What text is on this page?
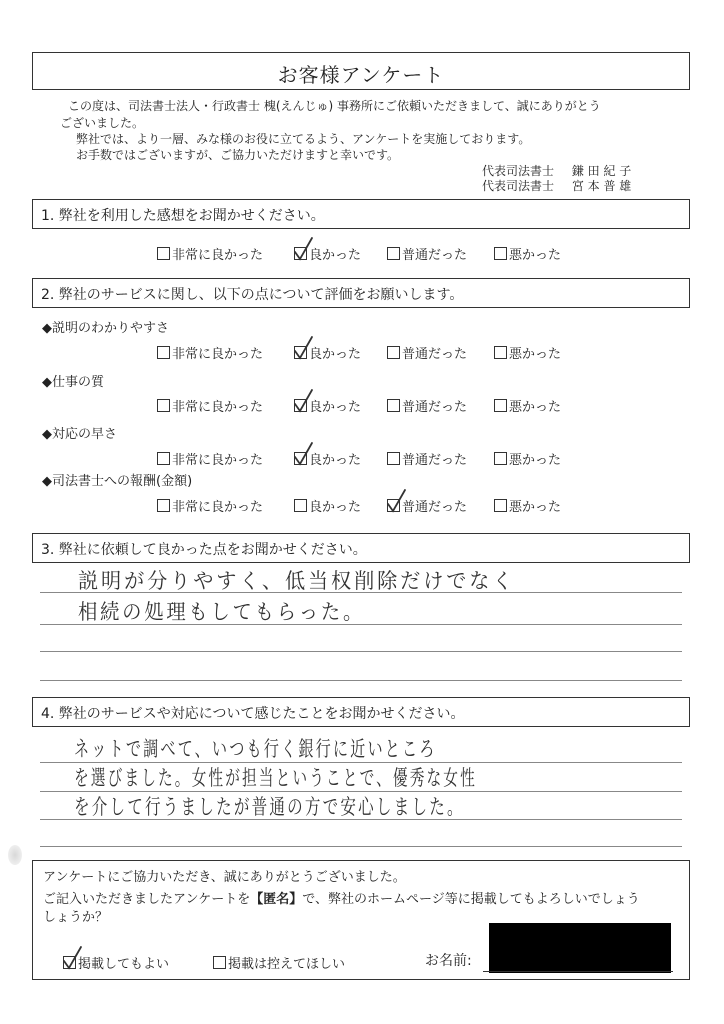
お客様アンケート
この度は、司法書士法人・行政書士 槐(えんじゅ) 事務所にご依頼いただきまして、誠にありがとう
ございました。
弊社では、より一層、みな様のお役に立てるよう、アンケートを実施しております。
お手数ではございますが、ご協力いただけますと幸いです。
代表司法書士 鎌 田 紀 子
代表司法書士 宮 本 普 雄
1. 弊社を利用した感想をお聞かせください。
非常に良かった	良かった	普通だった	悪かった
2. 弊社のサービスに関し、以下の点について評価をお願いします。
◆説明のわかりやすさ
非常に良かった	良かった	普通だった	悪かった
◆仕事の質
非常に良かった	良かった	普通だった	悪かった
◆対応の早さ
非常に良かった	良かった	普通だった	悪かった
◆司法書士への報酬(金額)
非常に良かった	良かった	普通だった	悪かった
3. 弊社に依頼して良かった点をお聞かせください。
説明が分りやすく、低当权削除だけでなく
相続の処理もしてもらった。
4. 弊社のサービスや対応について感じたことをお聞かせください。
ネットで調べて、いつも行く銀行に近いところ
を選びました。女性が担当ということで、優秀な女性
を介して行うましたが普通の方で安心しました。
アンケートにご協力いただき、誠にありがとうございました。
ご記入いただきましたアンケートを【匿名】で、弊社のホームページ等に掲載してもよろしいでしょう
しょうか？
掲載してもよい	掲載は控えてほしい	お名前:
